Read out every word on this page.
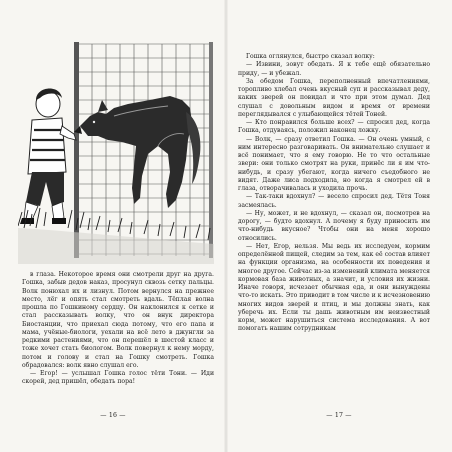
в глаза. Некоторое время они смотрели друг на друга. Гошка, забыв дедов наказ, просунул сквозь сетку пальцы. Волк понюхал их и лизнул. Потом вернулся на прежнее место, лёг и опять стал смотреть вдаль. Тёплая волна прошла по Гошкиному сердцу. Он наклонился к сетке и стал рассказывать волку, что он внук директора Биостанции, что приехал сюда потому, что его папа и мама, учёные-биологи, уехали на всё лето в джунгли за редкими растениями, что он перешёл в шестой класс и тоже хочет стать биологом. Волк повернул к нему морду, потом и голову и стал на Гошку смотреть. Гошка обрадовался: волк явно слушал его.

— Егор! — услышал Гошка голос тёти Тони. — Иди скорей, дед пришёл, обедать пора!

— 16 —

Гошка оглянулся, быстро сказал волку:

— Извини, зовут обедать. Я к тебе ещё обязательно приду, — и убежал.

За обедом Гошка, переполненный впечатлениями, торопливо хлебал очень вкусный суп и рассказывал деду, каких зверей он повидал и что при этом думал. Дед слушал с довольным видом и время от времени переглядывался с улыбающейся тётей Тоней.

— Кто понравился больше всех? — спросил дед, когда Гошка, отдуваясь, положил наконец ложку.

— Волк, — сразу ответил Гошка. — Он очень умный, с ним интересно разговаривать. Он внимательно слушает и всё понимает, что я ему говорю. Не то что остальные звери: они только смотрят на руки, принёс ли я им что-нибудь, и сразу убегают, когда ничего съедобного не видят. Даже лиса подходила, но когда я смотрел ей в глаза, отворачивалась и уходила прочь.

— Так-таки вдохнул? — весело спросил дед. Тётя Тоня засмеялась.

— Ну, может, и не вдохнул, — сказал он, посмотрев на дорогу, — будто вдохнул. А почему я буду приносить им что-нибудь вкусное? Чтобы они на меня хорошо относились.

— Нет, Егор, нельзя. Мы ведь их исследуем, кормим определённой пищей, следим за тем, как её состав влияет на функции организма, на особенности их поведения и многое другое. Сейчас из-за изменений климата меняется кормовая база животных, а значит, и условия их жизни. Иначе говоря, исчезает обычная еда, и они вынуждены что-то искать. Это приводит в том числе и к исчезновению многих видов зверей и птиц, и мы должны знать, как уберечь их. Если ты дашь животным им неизвестный корм, может нарушиться система исследования. А вот помогать нашим сотрудникам

— 17 —
